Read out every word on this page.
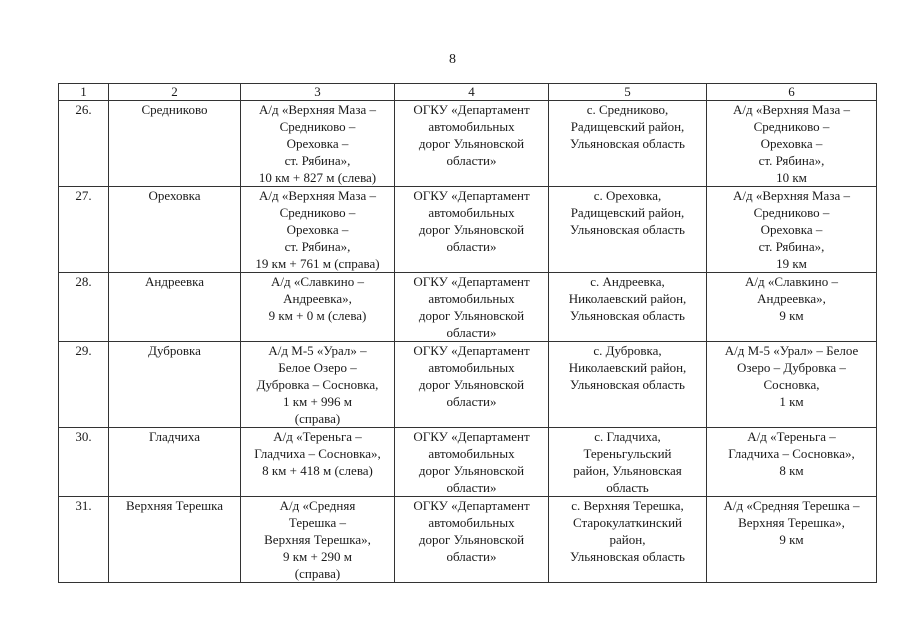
8
1	2	3	4	5	6
26.	Средниково	А/д «Верхняя Маза –
Средниково –
Ореховка –
ст. Рябина»,
10 км + 827 м (слева)	ОГКУ «Департамент
автомобильных
дорог Ульяновской
области»	с. Средниково,
Радищевский район,
Ульяновская область	А/д «Верхняя Маза –
Средниково –
Ореховка –
ст. Рябина»,
10 км
27.	Ореховка	А/д «Верхняя Маза –
Средниково –
Ореховка –
ст. Рябина»,
19 км + 761 м (справа)	ОГКУ «Департамент
автомобильных
дорог Ульяновской
области»	с. Ореховка,
Радищевский район,
Ульяновская область	А/д «Верхняя Маза –
Средниково –
Ореховка –
ст. Рябина»,
19 км
28.	Андреевка	А/д «Славкино –
Андреевка»,
9 км + 0 м (слева)	ОГКУ «Департамент
автомобильных
дорог Ульяновской
области»	с. Андреевка,
Николаевский район,
Ульяновская область	А/д «Славкино –
Андреевка»,
9 км
29.	Дубровка	А/д М-5 «Урал» –
Белое Озеро –
Дубровка – Сосновка,
1 км + 996 м
(справа)	ОГКУ «Департамент
автомобильных
дорог Ульяновской
области»	с. Дубровка,
Николаевский район,
Ульяновская область	А/д М-5 «Урал» – Белое
Озеро – Дубровка –
Сосновка,
1 км
30.	Гладчиха	А/д «Тереньга –
Гладчиха – Сосновка»,
8 км + 418 м (слева)	ОГКУ «Департамент
автомобильных
дорог Ульяновской
области»	с. Гладчиха,
Тереньгульский
район, Ульяновская
область	А/д «Тереньга –
Гладчиха – Сосновка»,
8 км
31.	Верхняя Терешка	А/д «Средняя
Терешка –
Верхняя Терешка»,
9 км + 290 м
(справа)	ОГКУ «Департамент
автомобильных
дорог Ульяновской
области»	с. Верхняя Терешка,
Старокулаткинский
район,
Ульяновская область	А/д «Средняя Терешка –
Верхняя Терешка»,
9 км
